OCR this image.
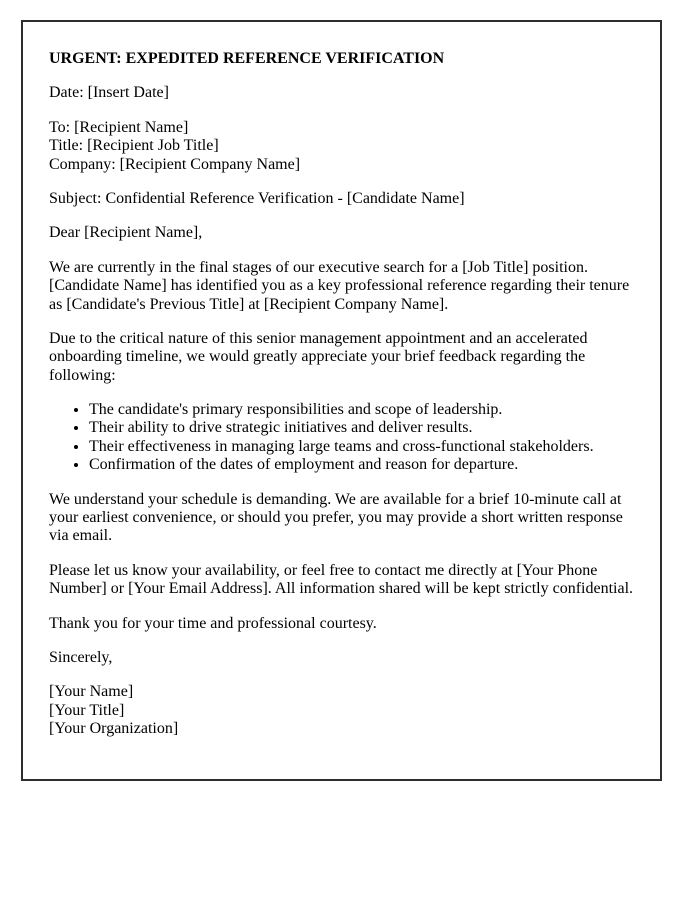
URGENT: EXPEDITED REFERENCE VERIFICATION

Date: [Insert Date]

To: [Recipient Name]
Title: [Recipient Job Title]
Company: [Recipient Company Name]

Subject: Confidential Reference Verification - [Candidate Name]

Dear [Recipient Name],

We are currently in the final stages of our executive search for a [Job Title] position. [Candidate Name] has identified you as a key professional reference regarding their tenure as [Candidate's Previous Title] at [Recipient Company Name].

Due to the critical nature of this senior management appointment and an accelerated onboarding timeline, we would greatly appreciate your brief feedback regarding the following:

• The candidate's primary responsibilities and scope of leadership.
• Their ability to drive strategic initiatives and deliver results.
• Their effectiveness in managing large teams and cross-functional stakeholders.
• Confirmation of the dates of employment and reason for departure.

We understand your schedule is demanding. We are available for a brief 10-minute call at your earliest convenience, or should you prefer, you may provide a short written response via email.

Please let us know your availability, or feel free to contact me directly at [Your Phone Number] or [Your Email Address]. All information shared will be kept strictly confidential.

Thank you for your time and professional courtesy.

Sincerely,

[Your Name]
[Your Title]
[Your Organization]
